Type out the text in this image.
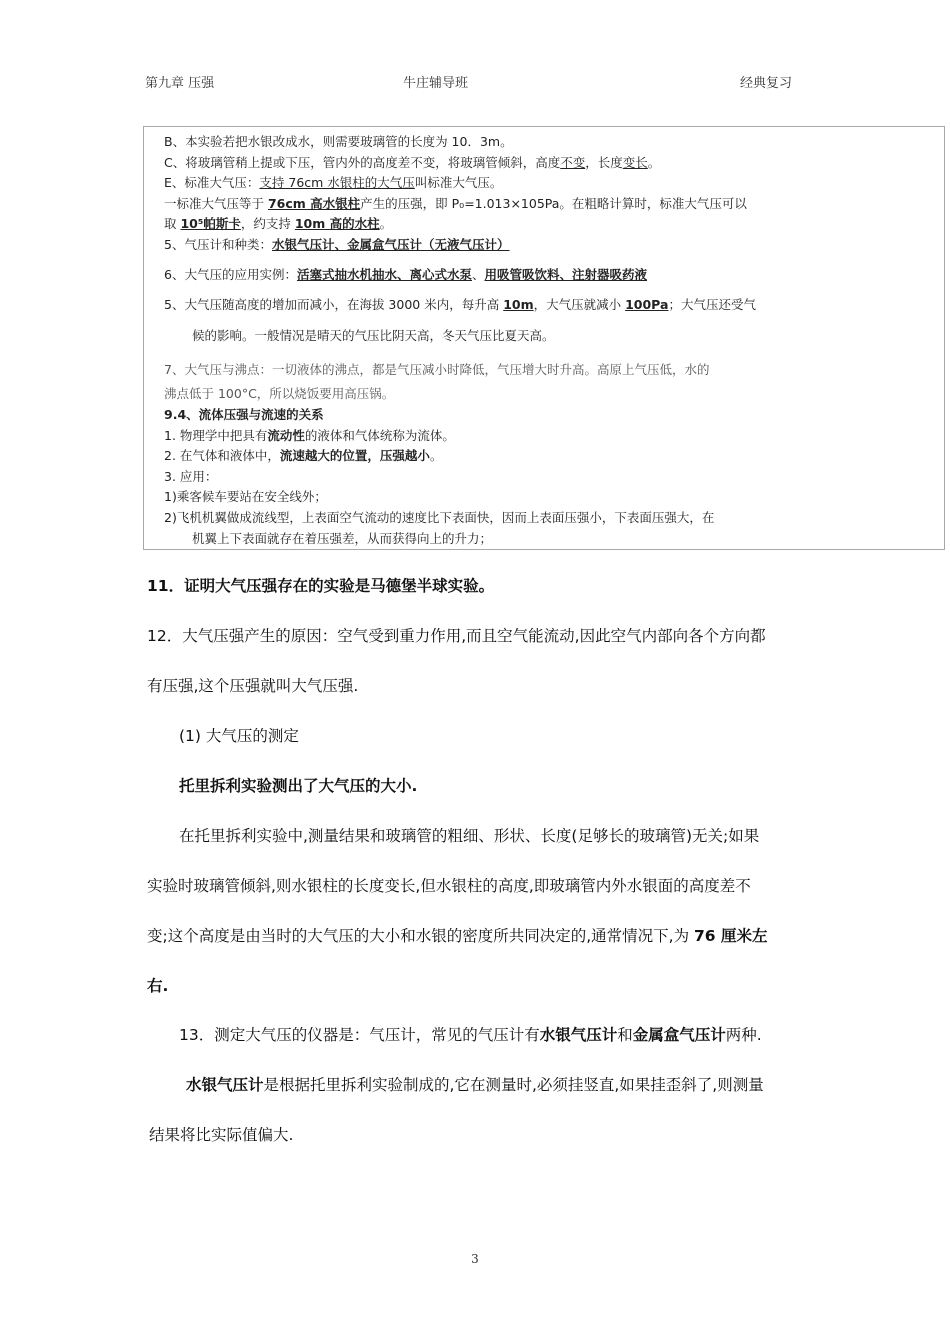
第九章 压强	牛庄辅导班	经典复习
B、本实验若把水银改成水，则需要玻璃管的长度为 10．3m。
C、将玻璃管稍上提或下压，管内外的高度差不变，将玻璃管倾斜，高度不变，长度变长。
E、标准大气压：支持 76cm 水银柱的大气压叫标准大气压。
一标准大气压等于 76cm 高水银柱产生的压强，即 P₀=1.013×105Pa。在粗略计算时，标准大气压可以
取 10⁵帕斯卡，约支持 10m 高的水柱。
5、气压计和种类：水银气压计、金属盒气压计（无液气压计）
6、大气压的应用实例：活塞式抽水机抽水、离心式水泵、用吸管吸饮料、注射器吸药液
5、大气压随高度的增加而减小，在海拔 3000 米内，每升高 10m，大气压就减小 100Pa；大气压还受气
候的影响。一般情况是晴天的气压比阴天高，冬天气压比夏天高。
7、大气压与沸点：一切液体的沸点，都是气压减小时降低，气压增大时升高。高原上气压低，水的
沸点低于 100°C，所以烧饭要用高压锅。
9.4、流体压强与流速的关系
1. 物理学中把具有流动性的液体和气体统称为流体。
2. 在气体和液体中，流速越大的位置，压强越小。
3. 应用：
1)乘客候车要站在安全线外；
2)飞机机翼做成流线型，上表面空气流动的速度比下表面快，因而上表面压强小，下表面压强大，在
机翼上下表面就存在着压强差，从而获得向上的升力；
11．证明大气压强存在的实验是马德堡半球实验。
12．大气压强产生的原因：空气受到重力作用,而且空气能流动,因此空气内部向各个方向都
有压强,这个压强就叫大气压强.
(1) 大气压的测定
托里拆利实验测出了大气压的大小.
在托里拆利实验中,测量结果和玻璃管的粗细、形状、长度(足够长的玻璃管)无关;如果
实验时玻璃管倾斜,则水银柱的长度变长,但水银柱的高度,即玻璃管内外水银面的高度差不
变;这个高度是由当时的大气压的大小和水银的密度所共同决定的,通常情况下,为 76 厘米左
右.
13．测定大气压的仪器是：气压计，常见的气压计有水银气压计和金属盒气压计两种.
水银气压计是根据托里拆利实验制成的,它在测量时,必须挂竖直,如果挂歪斜了,则测量
结果将比实际值偏大.
3
